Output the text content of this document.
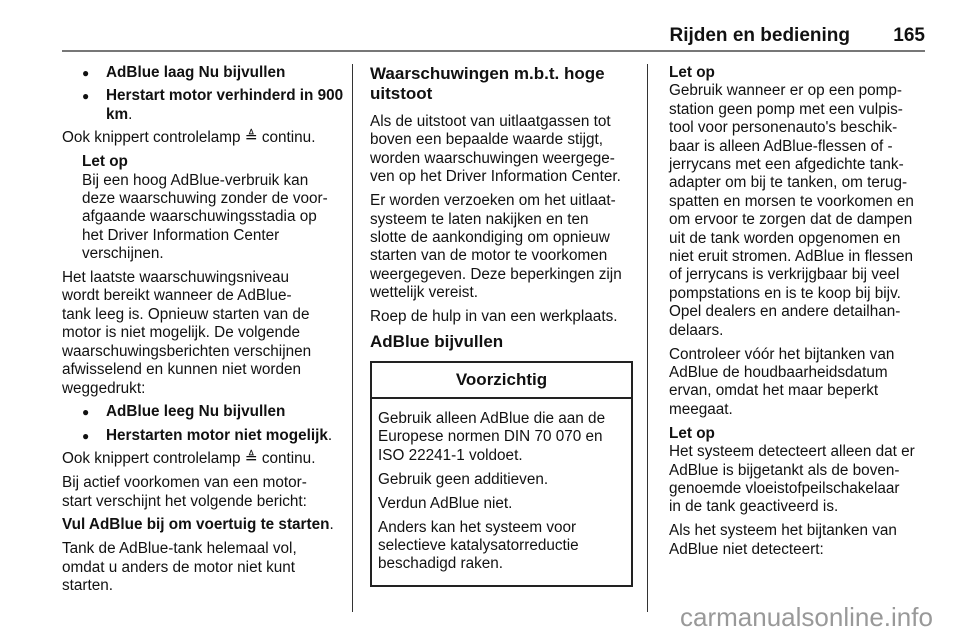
Rijden en bediening	165
● AdBlue laag Nu bijvullen
● Herstart motor verhinderd in 900
km.
Ook knippert controlelamp ≜ continu.
Let op
Bij een hoog AdBlue-verbruik kan
deze waarschuwing zonder de voor-
afgaande waarschuwingsstadia op
het Driver Information Center
verschijnen.
Het laatste waarschuwingsniveau
wordt bereikt wanneer de AdBlue-
tank leeg is. Opnieuw starten van de
motor is niet mogelijk. De volgende
waarschuwingsberichten verschijnen
afwisselend en kunnen niet worden
weggedrukt:
● AdBlue leeg Nu bijvullen
● Herstarten motor niet mogelijk.
Ook knippert controlelamp ≜ continu.
Bij actief voorkomen van een motor-
start verschijnt het volgende bericht:
Vul AdBlue bij om voertuig te starten.
Tank de AdBlue-tank helemaal vol,
omdat u anders de motor niet kunt
starten.
Waarschuwingen m.b.t. hoge
uitstoot
Als de uitstoot van uitlaatgassen tot
boven een bepaalde waarde stijgt,
worden waarschuwingen weergege-
ven op het Driver Information Center.
Er worden verzoeken om het uitlaat-
systeem te laten nakijken en ten
slotte de aankondiging om opnieuw
starten van de motor te voorkomen
weergegeven. Deze beperkingen zijn
wettelijk vereist.
Roep de hulp in van een werkplaats.
AdBlue bijvullen
Voorzichtig
Gebruik alleen AdBlue die aan de
Europese normen DIN 70 070 en
ISO 22241-1 voldoet.
Gebruik geen additieven.
Verdun AdBlue niet.
Anders kan het systeem voor
selectieve katalysatorreductie
beschadigd raken.
Let op
Gebruik wanneer er op een pomp-
station geen pomp met een vulpis-
tool voor personenauto's beschik-
baar is alleen AdBlue-flessen of -
jerrycans met een afgedichte tank-
adapter om bij te tanken, om terug-
spatten en morsen te voorkomen en
om ervoor te zorgen dat de dampen
uit de tank worden opgenomen en
niet eruit stromen. AdBlue in flessen
of jerrycans is verkrijgbaar bij veel
pompstations en is te koop bij bijv.
Opel dealers en andere detailhan-
delaars.
Controleer vóór het bijtanken van
AdBlue de houdbaarheidsdatum
ervan, omdat het maar beperkt
meegaat.
Let op
Het systeem detecteert alleen dat er
AdBlue is bijgetankt als de boven-
genoemde vloeistofpeilschakelaar
in de tank geactiveerd is.
Als het systeem het bijtanken van
AdBlue niet detecteert:
carmanualsonline.info
